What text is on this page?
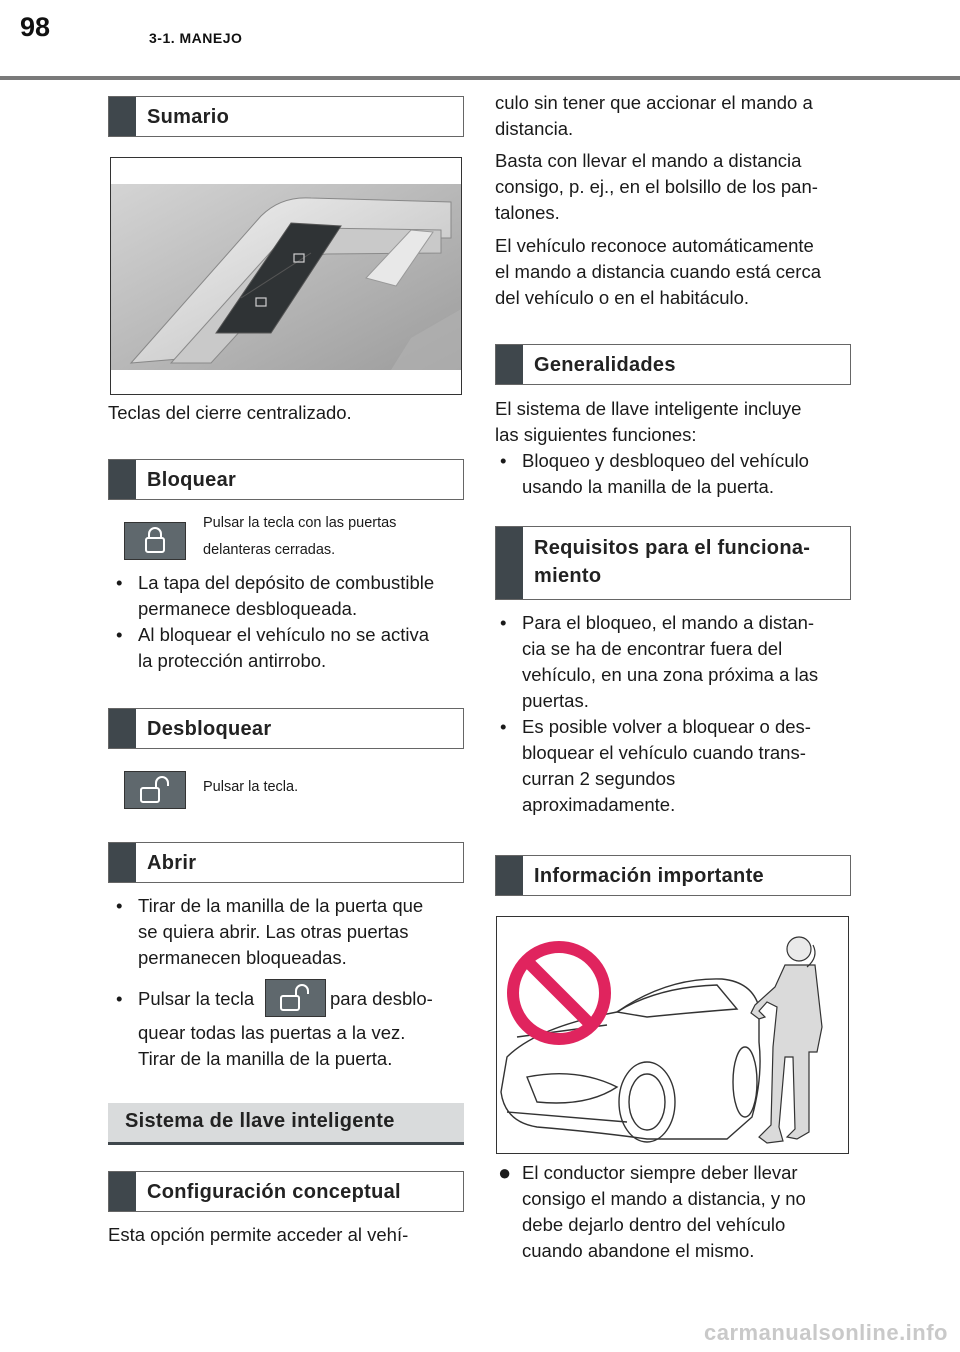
98	3-1. MANEJO
Sumario
Teclas del cierre centralizado.
Bloquear
Pulsar la tecla con las puertas
delanteras cerradas.
• La tapa del depósito de combustible
permanece desbloqueada.
• Al bloquear el vehículo no se activa
la protección antirrobo.
Desbloquear
Pulsar la tecla.
Abrir
• Tirar de la manilla de la puerta que
se quiera abrir. Las otras puertas
permanecen bloqueadas.
• Pulsar la tecla	para desblo-
quear todas las puertas a la vez.
Tirar de la manilla de la puerta.
Sistema de llave inteligente
Configuración conceptual
Esta opción permite acceder al vehí-
culo sin tener que accionar el mando a
distancia.
Basta con llevar el mando a distancia
consigo, p. ej., en el bolsillo de los pan-
talones.
El vehículo reconoce automáticamente
el mando a distancia cuando está cerca
del vehículo o en el habitáculo.
Generalidades
El sistema de llave inteligente incluye
las siguientes funciones:
• Bloqueo y desbloqueo del vehículo
usando la manilla de la puerta.
Requisitos para el funciona-
miento
• Para el bloqueo, el mando a distan-
cia se ha de encontrar fuera del
vehículo, en una zona próxima a las
puertas.
• Es posible volver a bloquear o des-
bloquear el vehículo cuando trans-
curran 2 segundos
aproximadamente.
Información importante
● El conductor siempre deber llevar
consigo el mando a distancia, y no
debe dejarlo dentro del vehículo
cuando abandone el mismo.
carmanualsonline.info
